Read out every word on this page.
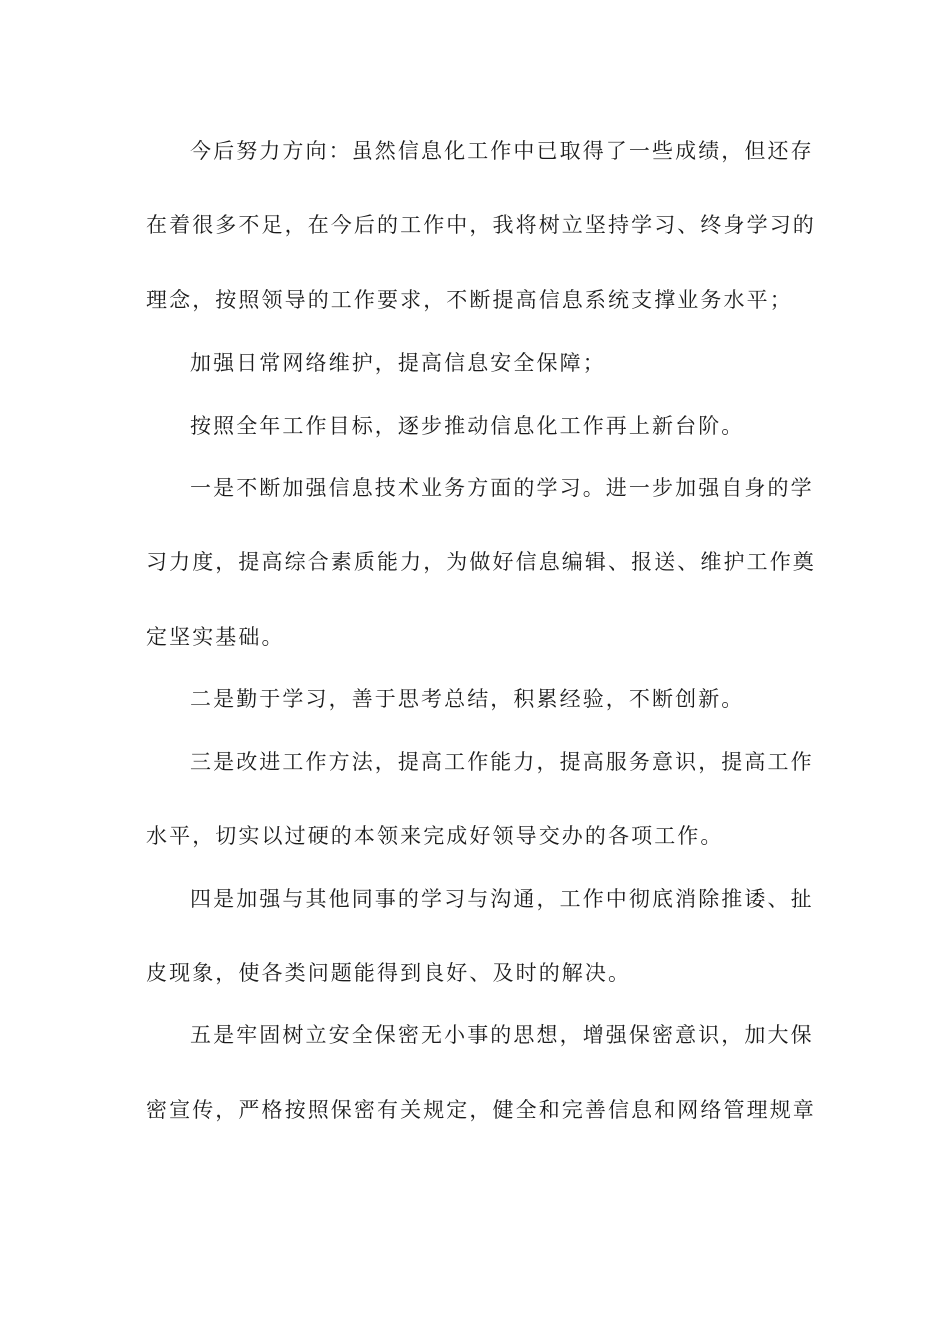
今后努力方向：虽然信息化工作中已取得了一些成绩，但还存
在着很多不足，在今后的工作中，我将树立坚持学习、终身学习的
理念，按照领导的工作要求，不断提高信息系统支撑业务水平；
加强日常网络维护，提高信息安全保障；
按照全年工作目标，逐步推动信息化工作再上新台阶。
一是不断加强信息技术业务方面的学习。进一步加强自身的学
习力度，提高综合素质能力，为做好信息编辑、报送、维护工作奠
定坚实基础。
二是勤于学习，善于思考总结，积累经验，不断创新。
三是改进工作方法，提高工作能力，提高服务意识，提高工作
水平，切实以过硬的本领来完成好领导交办的各项工作。
四是加强与其他同事的学习与沟通，工作中彻底消除推诿、扯
皮现象，使各类问题能得到良好、及时的解决。
五是牢固树立安全保密无小事的思想，增强保密意识，加大保
密宣传，严格按照保密有关规定，健全和完善信息和网络管理规章
